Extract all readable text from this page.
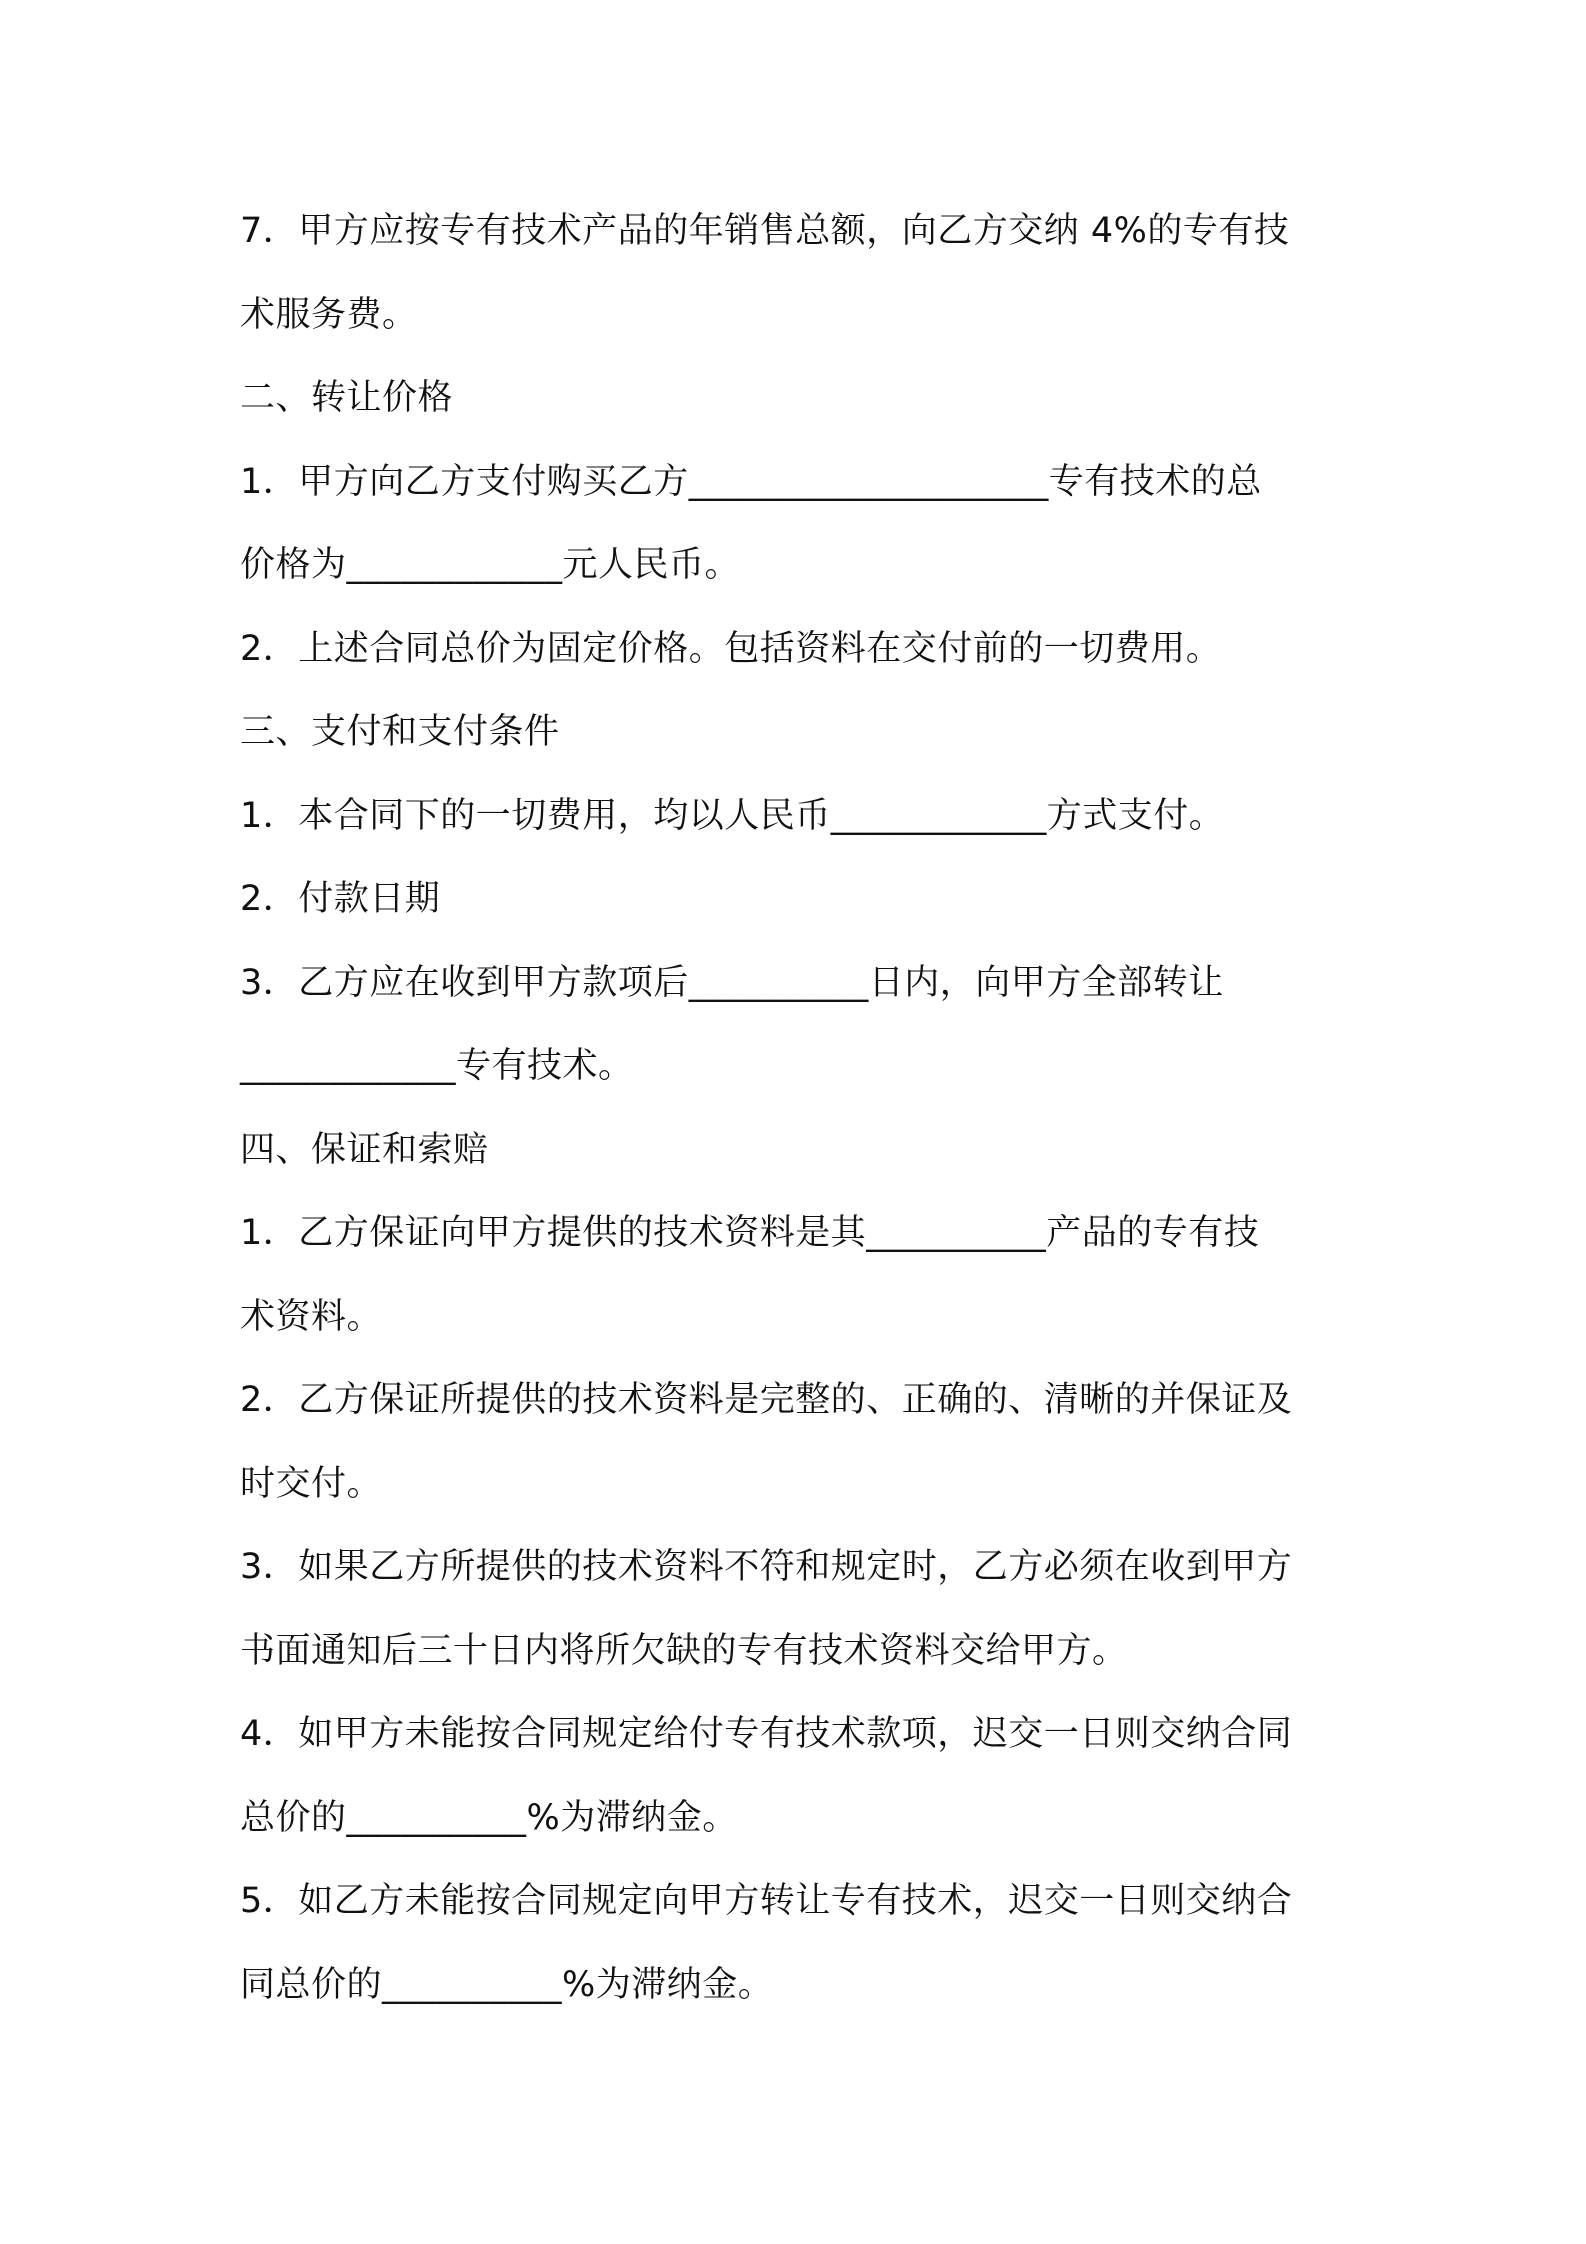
7．甲方应按专有技术产品的年销售总额，向乙方交纳 4%的专有技
术服务费。
二、转让价格
1．甲方向乙方支付购买乙方____________________专有技术的总
价格为____________元人民币。
2．上述合同总价为固定价格。包括资料在交付前的一切费用。
三、支付和支付条件
1．本合同下的一切费用，均以人民币____________方式支付。
2．付款日期
3．乙方应在收到甲方款项后__________日内，向甲方全部转让
____________专有技术。
四、保证和索赔
1．乙方保证向甲方提供的技术资料是其__________产品的专有技
术资料。
2．乙方保证所提供的技术资料是完整的、正确的、清晰的并保证及
时交付。
3．如果乙方所提供的技术资料不符和规定时，乙方必须在收到甲方
书面通知后三十日内将所欠缺的专有技术资料交给甲方。
4．如甲方未能按合同规定给付专有技术款项，迟交一日则交纳合同
总价的__________%为滞纳金。
5．如乙方未能按合同规定向甲方转让专有技术，迟交一日则交纳合
同总价的__________%为滞纳金。
